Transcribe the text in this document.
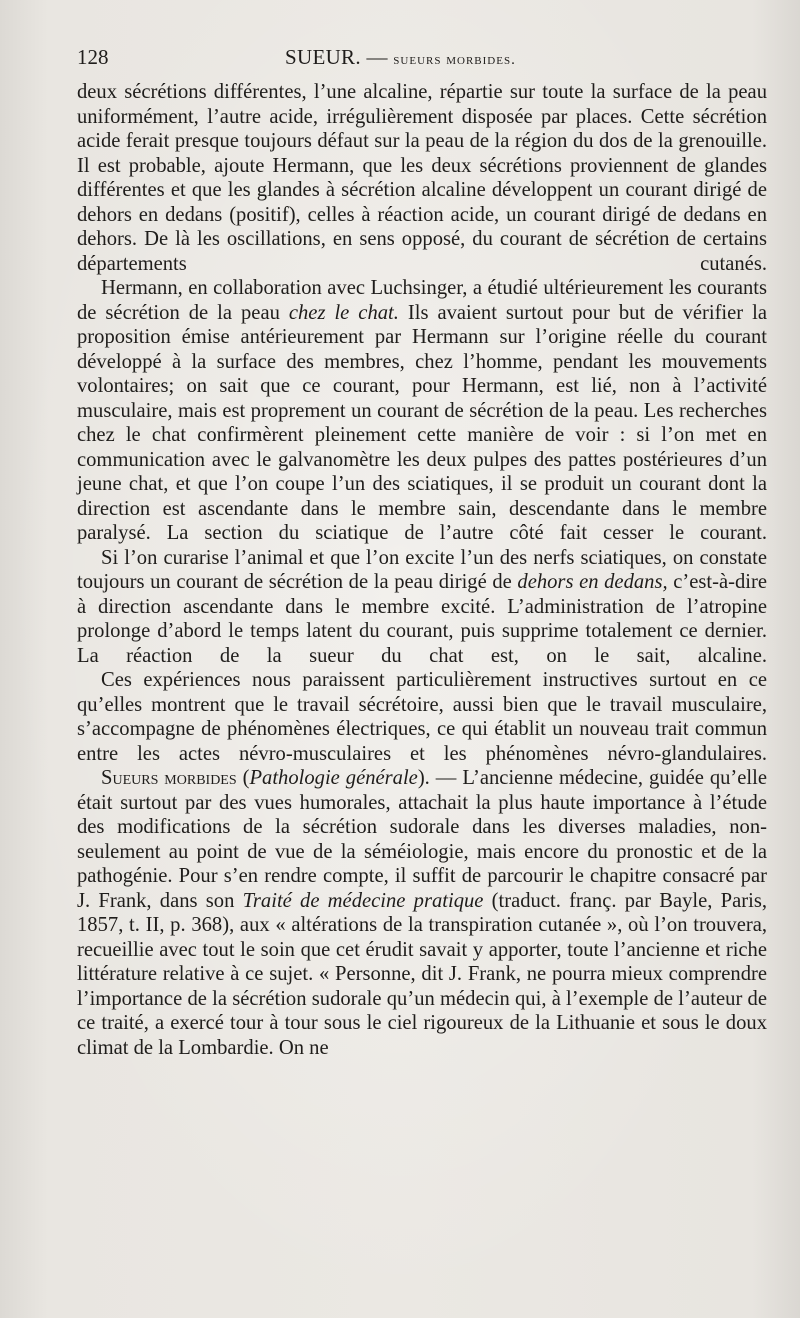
128	SUEUR. — sueurs morbides.

deux sécrétions différentes, l’une alcaline, répartie sur toute la surface de la peau uniformément, l’autre acide, irrégulièrement disposée par places. Cette sécrétion acide ferait presque toujours défaut sur la peau de la région du dos de la grenouille. Il est probable, ajoute Hermann, que les deux sécrétions proviennent de glandes différentes et que les glandes à sécrétion alcaline développent un courant dirigé de dehors en dedans (positif), celles à réaction acide, un courant dirigé de dedans en dehors. De là les oscillations, en sens opposé, du courant de sécrétion de certains départements cutanés.

Hermann, en collaboration avec Luchsinger, a étudié ultérieurement les courants de sécrétion de la peau chez le chat. Ils avaient surtout pour but de vérifier la proposition émise antérieurement par Hermann sur l’origine réelle du courant développé à la surface des membres, chez l’homme, pendant les mouvements volontaires; on sait que ce courant, pour Hermann, est lié, non à l’activité musculaire, mais est proprement un courant de sécrétion de la peau. Les recherches chez le chat confirmèrent pleinement cette manière de voir : si l’on met en communication avec le galvanomètre les deux pulpes des pattes postérieures d’un jeune chat, et que l’on coupe l’un des sciatiques, il se produit un courant dont la direction est ascendante dans le membre sain, descendante dans le membre paralysé. La section du sciatique de l’autre côté fait cesser le courant.

Si l’on curarise l’animal et que l’on excite l’un des nerfs sciatiques, on constate toujours un courant de sécrétion de la peau dirigé de dehors en dedans, c’est-à-dire à direction ascendante dans le membre excité. L’administration de l’atropine prolonge d’abord le temps latent du courant, puis supprime totalement ce dernier. La réaction de la sueur du chat est, on le sait, alcaline.

Ces expériences nous paraissent particulièrement instructives surtout en ce qu’elles montrent que le travail sécrétoire, aussi bien que le travail musculaire, s’accompagne de phénomènes électriques, ce qui établit un nouveau trait commun entre les actes névro-musculaires et les phénomènes névro-glandulaires.

Sueurs morbides (Pathologie générale). — L’ancienne médecine, guidée qu’elle était surtout par des vues humorales, attachait la plus haute importance à l’étude des modifications de la sécrétion sudorale dans les diverses maladies, non-seulement au point de vue de la séméiologie, mais encore du pronostic et de la pathogénie. Pour s’en rendre compte, il suffit de parcourir le chapitre consacré par J. Frank, dans son Traité de médecine pratique (traduct. franç. par Bayle, Paris, 1857, t. II, p. 368), aux « altérations de la transpiration cutanée », où l’on trouvera, recueillie avec tout le soin que cet érudit savait y apporter, toute l’ancienne et riche littérature relative à ce sujet. « Personne, dit J. Frank, ne pourra mieux comprendre l’importance de la sécrétion sudorale qu’un médecin qui, à l’exemple de l’auteur de ce traité, a exercé tour à tour sous le ciel rigoureux de la Lithuanie et sous le doux climat de la Lombardie. On ne
